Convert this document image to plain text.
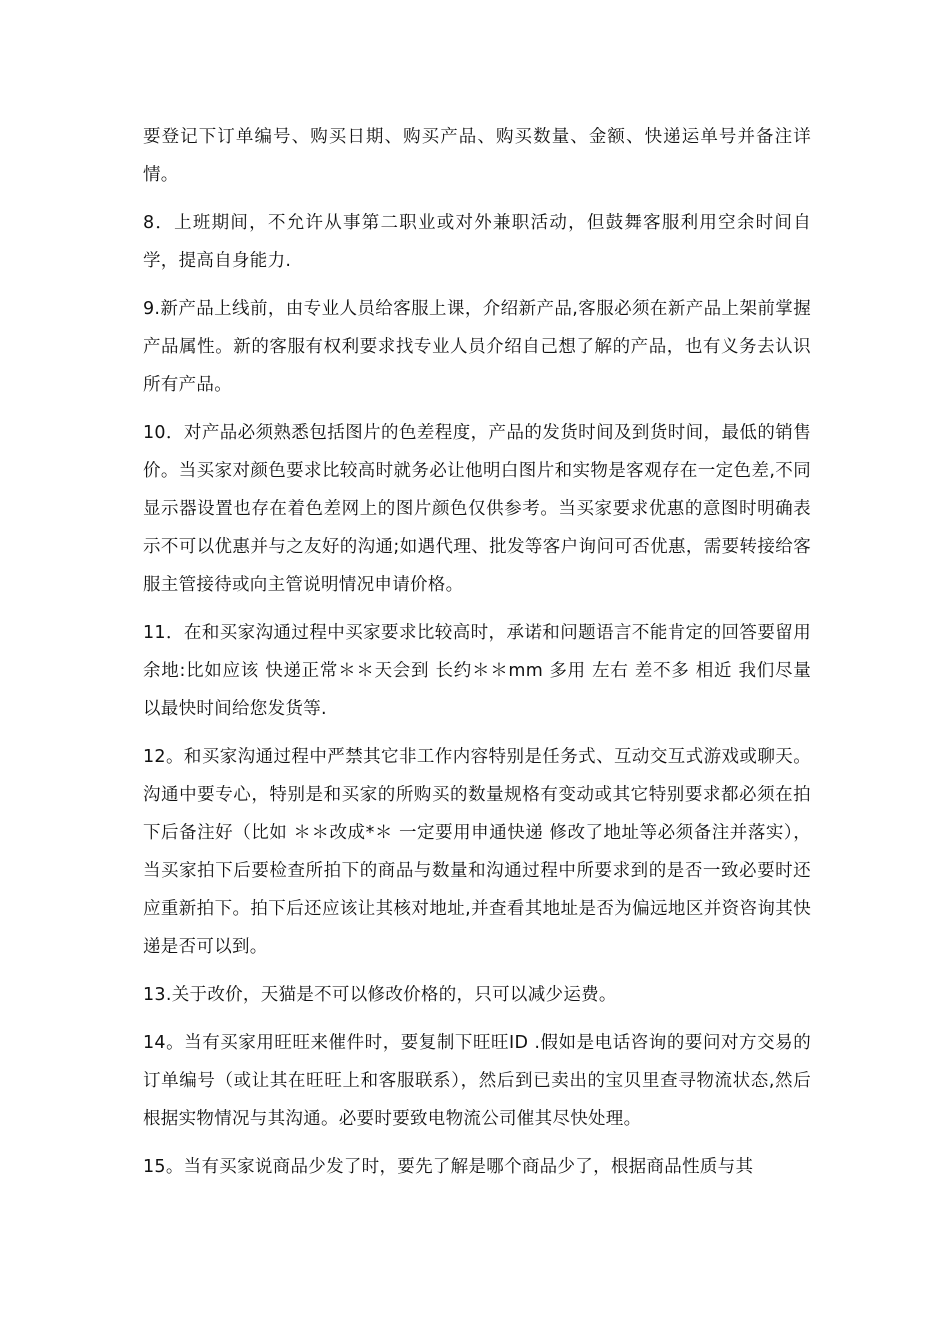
要登记下订单编号、购买日期、购买产品、购买数量、金额、快递运单号并备注详情。

8．上班期间，不允许从事第二职业或对外兼职活动，但鼓舞客服利用空余时间自学，提高自身能力.

9.新产品上线前，由专业人员给客服上课，介绍新产品,客服必须在新产品上架前掌握产品属性。新的客服有权利要求找专业人员介绍自己想了解的产品，也有义务去认识所有产品。

10．对产品必须熟悉包括图片的色差程度，产品的发货时间及到货时间，最低的销售价。当买家对颜色要求比较高时就务必让他明白图片和实物是客观存在一定色差,不同显示器设置也存在着色差网上的图片颜色仅供参考。当买家要求优惠的意图时明确表示不可以优惠并与之友好的沟通;如遇代理、批发等客户询问可否优惠，需要转接给客服主管接待或向主管说明情况申请价格。

11．在和买家沟通过程中买家要求比较高时，承诺和问题语言不能肯定的回答要留用余地:比如应该 快递正常＊＊天会到 长约＊＊mm 多用 左右 差不多 相近 我们尽量以最快时间给您发货等.

12。和买家沟通过程中严禁其它非工作内容特别是任务式、互动交互式游戏或聊天。沟通中要专心，特别是和买家的所购买的数量规格有变动或其它特别要求都必须在拍下后备注好（比如 ＊＊改成*＊ 一定要用申通快递 修改了地址等必须备注并落实），当买家拍下后要检查所拍下的商品与数量和沟通过程中所要求到的是否一致必要时还应重新拍下。拍下后还应该让其核对地址,并查看其地址是否为偏远地区并资咨询其快递是否可以到。

13.关于改价，天猫是不可以修改价格的，只可以减少运费。

14。当有买家用旺旺来催件时，要复制下旺旺ID .假如是电话咨询的要问对方交易的订单编号（或让其在旺旺上和客服联系），然后到已卖出的宝贝里查寻物流状态,然后根据实物情况与其沟通。必要时要致电物流公司催其尽快处理。

15。当有买家说商品少发了时，要先了解是哪个商品少了，根据商品性质与其
